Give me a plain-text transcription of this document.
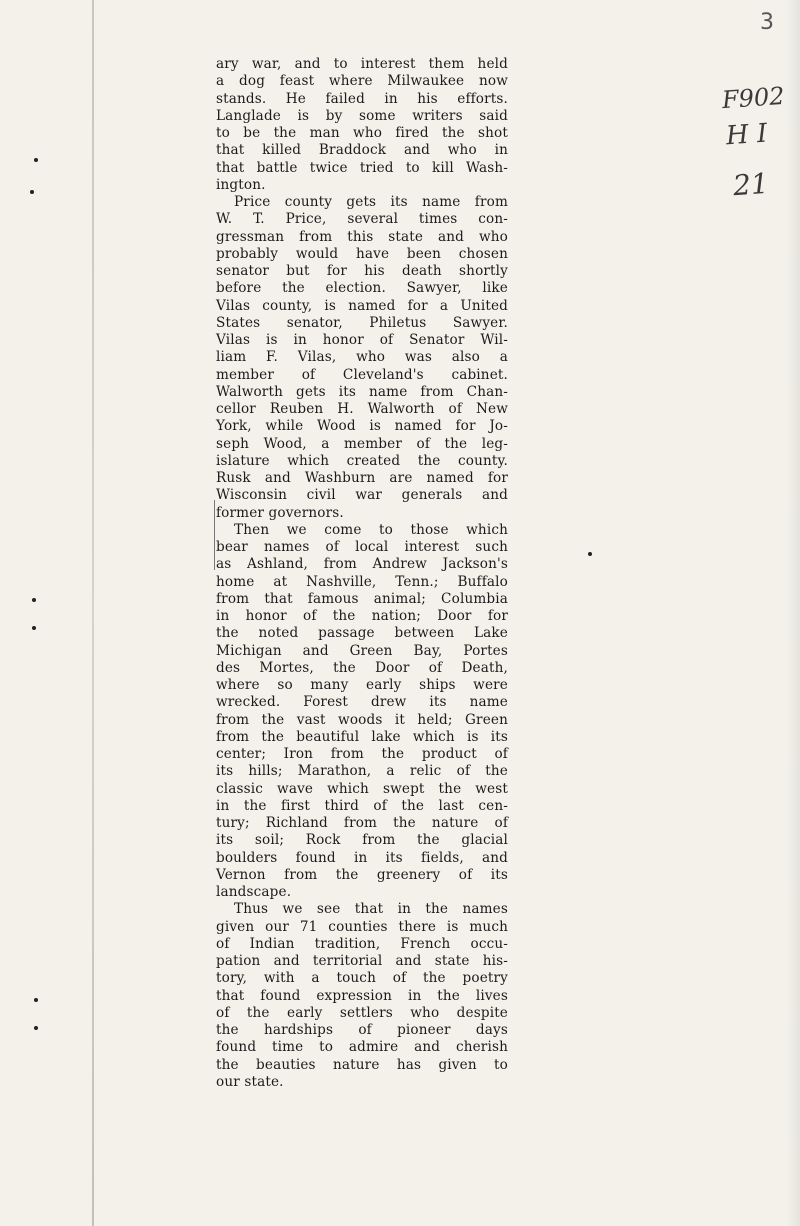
3
F902
H I
21
ary war, and to interest them held
a dog feast where Milwaukee now
stands. He failed in his efforts.
Langlade is by some writers said
to be the man who fired the shot
that killed Braddock and who in
that battle twice tried to kill Wash-
ington.
Price county gets its name from
W. T. Price, several times con-
gressman from this state and who
probably would have been chosen
senator but for his death shortly
before the election. Sawyer, like
Vilas county, is named for a United
States senator, Philetus Sawyer.
Vilas is in honor of Senator Wil-
liam F. Vilas, who was also a
member of Cleveland's cabinet.
Walworth gets its name from Chan-
cellor Reuben H. Walworth of New
York, while Wood is named for Jo-
seph Wood, a member of the leg-
islature which created the county.
Rusk and Washburn are named for
Wisconsin civil war generals and
former governors.
Then we come to those which
bear names of local interest such
as Ashland, from Andrew Jackson's
home at Nashville, Tenn.; Buffalo
from that famous animal; Columbia
in honor of the nation; Door for
the noted passage between Lake
Michigan and Green Bay, Portes
des Mortes, the Door of Death,
where so many early ships were
wrecked. Forest drew its name
from the vast woods it held; Green
from the beautiful lake which is its
center; Iron from the product of
its hills; Marathon, a relic of the
classic wave which swept the west
in the first third of the last cen-
tury; Richland from the nature of
its soil; Rock from the glacial
boulders found in its fields, and
Vernon from the greenery of its
landscape.
Thus we see that in the names
given our 71 counties there is much
of Indian tradition, French occu-
pation and territorial and state his-
tory, with a touch of the poetry
that found expression in the lives
of the early settlers who despite
the hardships of pioneer days
found time to admire and cherish
the beauties nature has given to
our state.
